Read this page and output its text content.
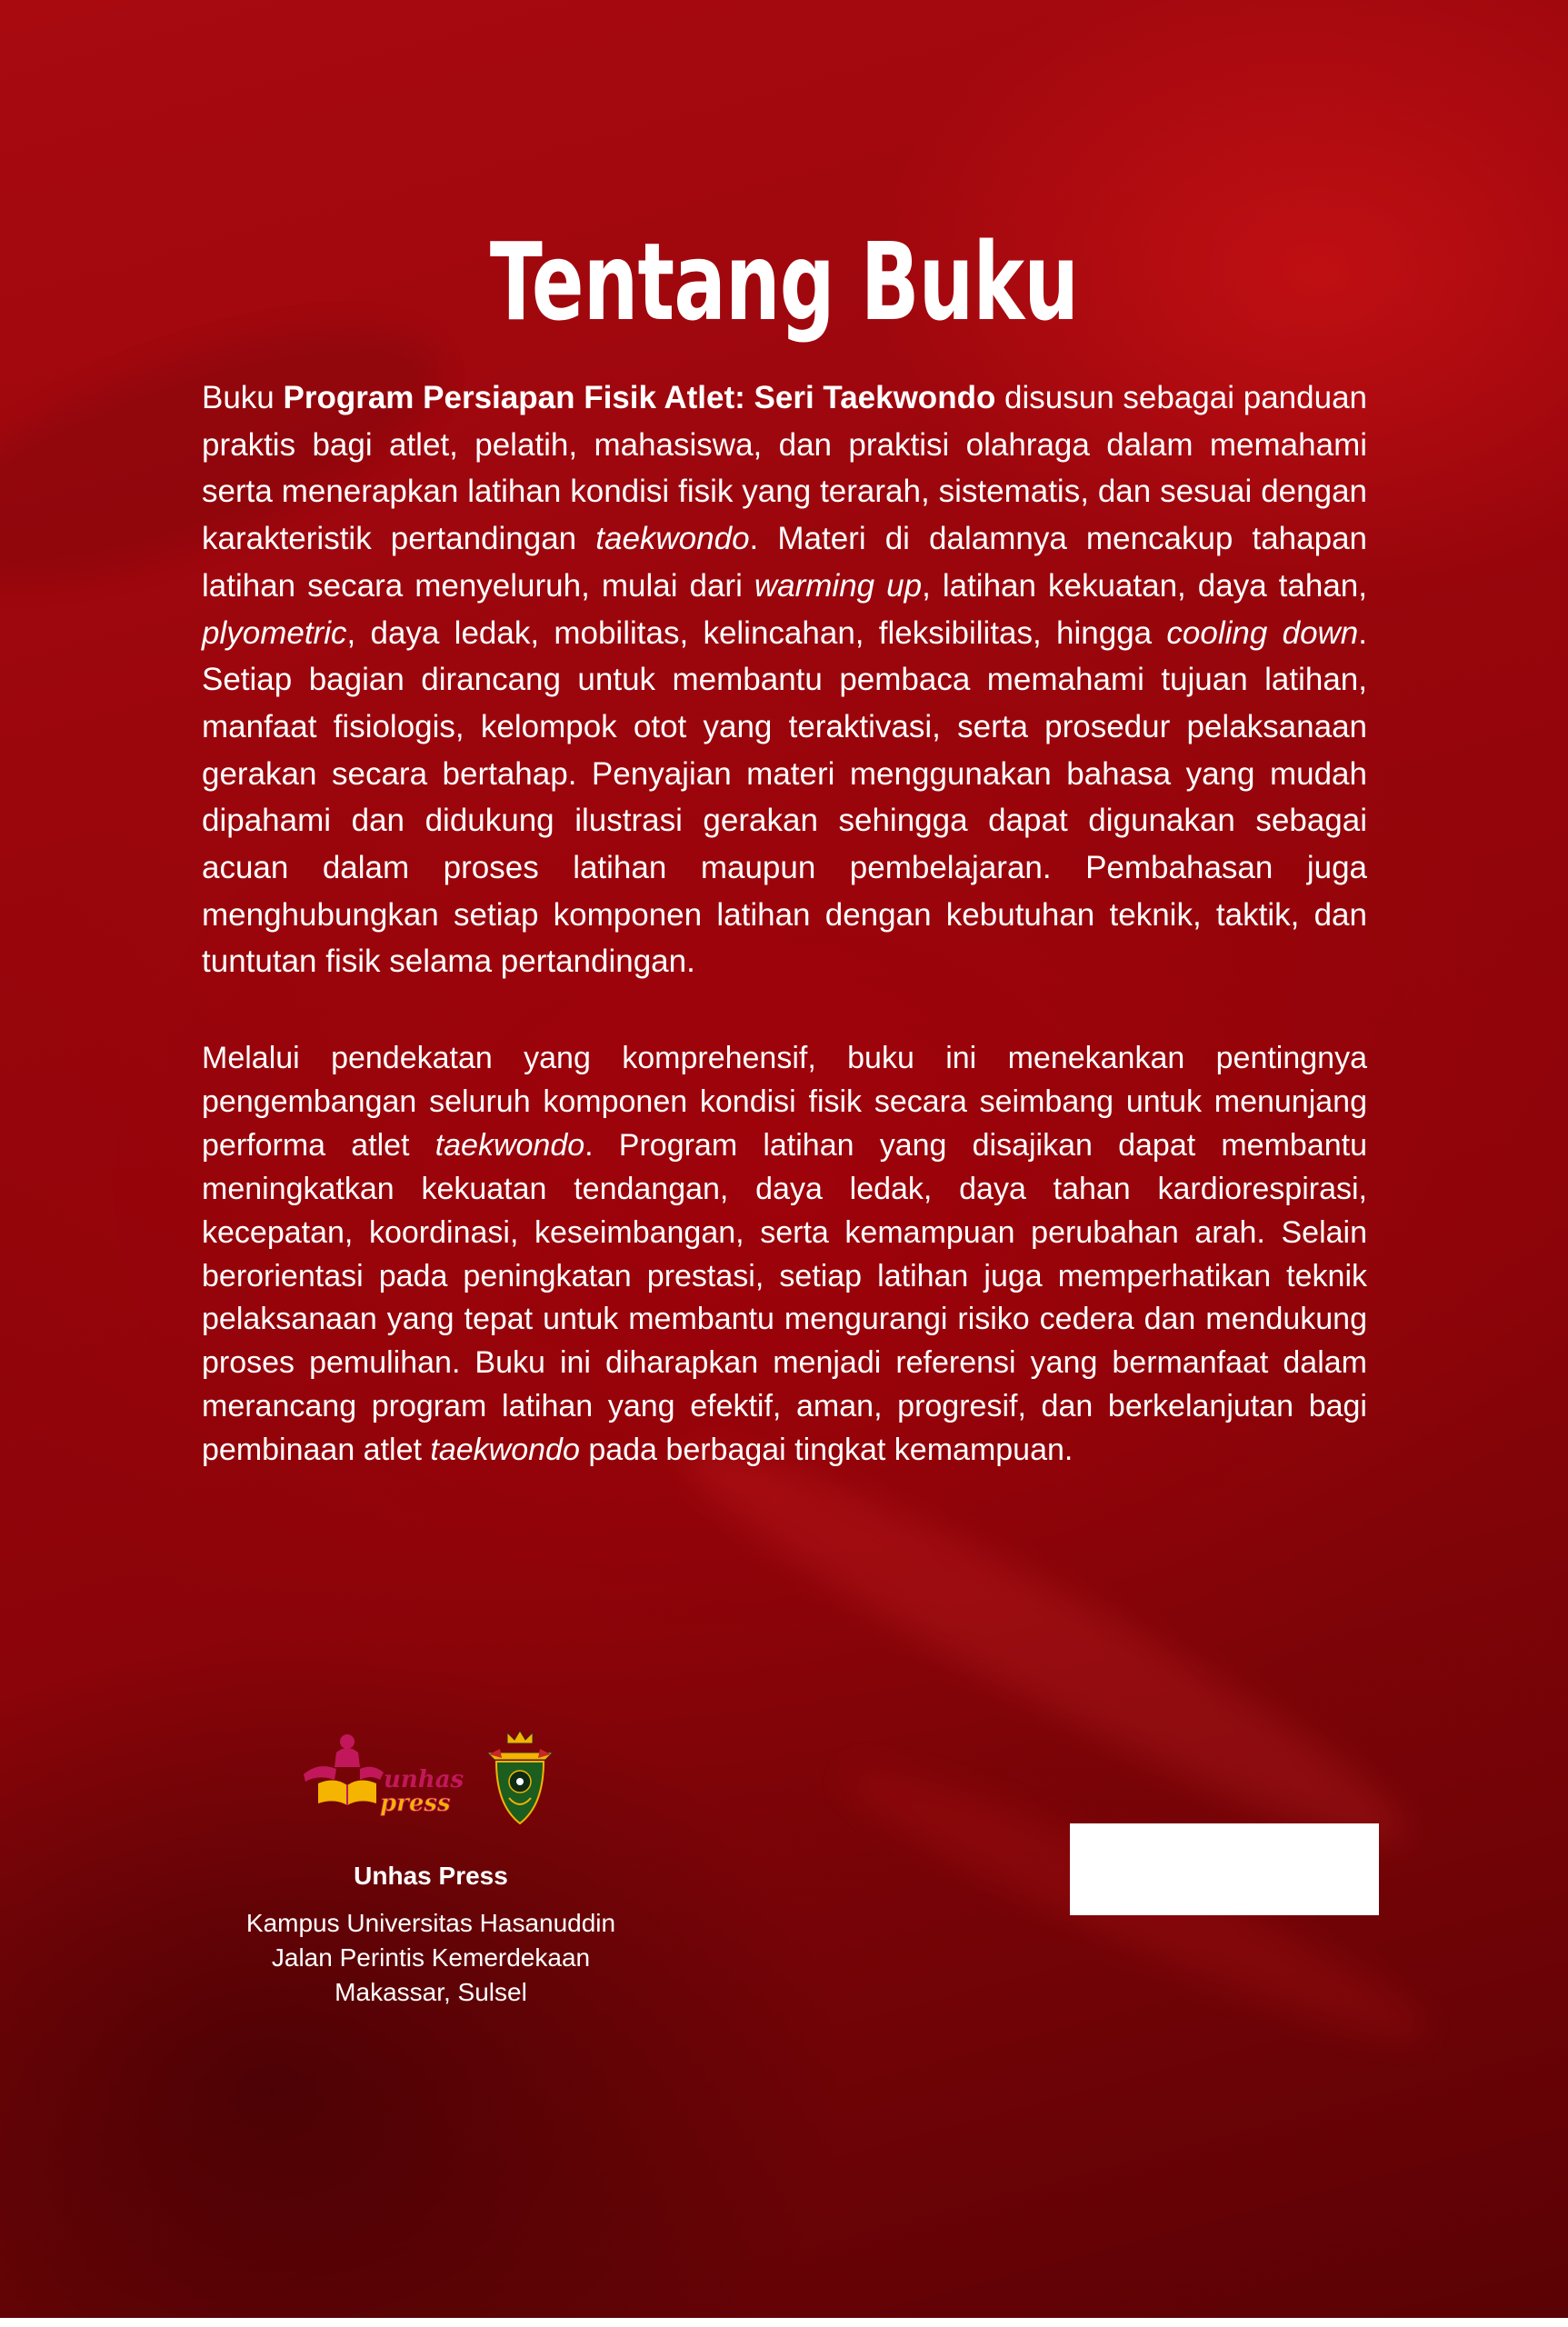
Tentang Buku

Buku Program Persiapan Fisik Atlet: Seri Taekwondo disusun sebagai panduan praktis bagi atlet, pelatih, mahasiswa, dan praktisi olahraga dalam memahami serta menerapkan latihan kondisi fisik yang terarah, sistematis, dan sesuai dengan karakteristik pertandingan taekwondo. Materi di dalamnya mencakup tahapan latihan secara menyeluruh, mulai dari warming up, latihan kekuatan, daya tahan, plyometric, daya ledak, mobilitas, kelincahan, fleksibilitas, hingga cooling down. Setiap bagian dirancang untuk membantu pembaca memahami tujuan latihan, manfaat fisiologis, kelompok otot yang teraktivasi, serta prosedur pelaksanaan gerakan secara bertahap. Penyajian materi menggunakan bahasa yang mudah dipahami dan didukung ilustrasi gerakan sehingga dapat digunakan sebagai acuan dalam proses latihan maupun pembelajaran. Pembahasan juga menghubungkan setiap komponen latihan dengan kebutuhan teknik, taktik, dan tuntutan fisik selama pertandingan.

Melalui pendekatan yang komprehensif, buku ini menekankan pentingnya pengembangan seluruh komponen kondisi fisik secara seimbang untuk menunjang performa atlet taekwondo. Program latihan yang disajikan dapat membantu meningkatkan kekuatan tendangan, daya ledak, daya tahan kardiorespirasi, kecepatan, koordinasi, keseimbangan, serta kemampuan perubahan arah. Selain berorientasi pada peningkatan prestasi, setiap latihan juga memperhatikan teknik pelaksanaan yang tepat untuk membantu mengurangi risiko cedera dan mendukung proses pemulihan. Buku ini diharapkan menjadi referensi yang bermanfaat dalam merancang program latihan yang efektif, aman, progresif, dan berkelanjutan bagi pembinaan atlet taekwondo pada berbagai tingkat kemampuan.

unhas
press
Unhas Press
Kampus Universitas Hasanuddin
Jalan Perintis Kemerdekaan
Makassar, Sulsel
